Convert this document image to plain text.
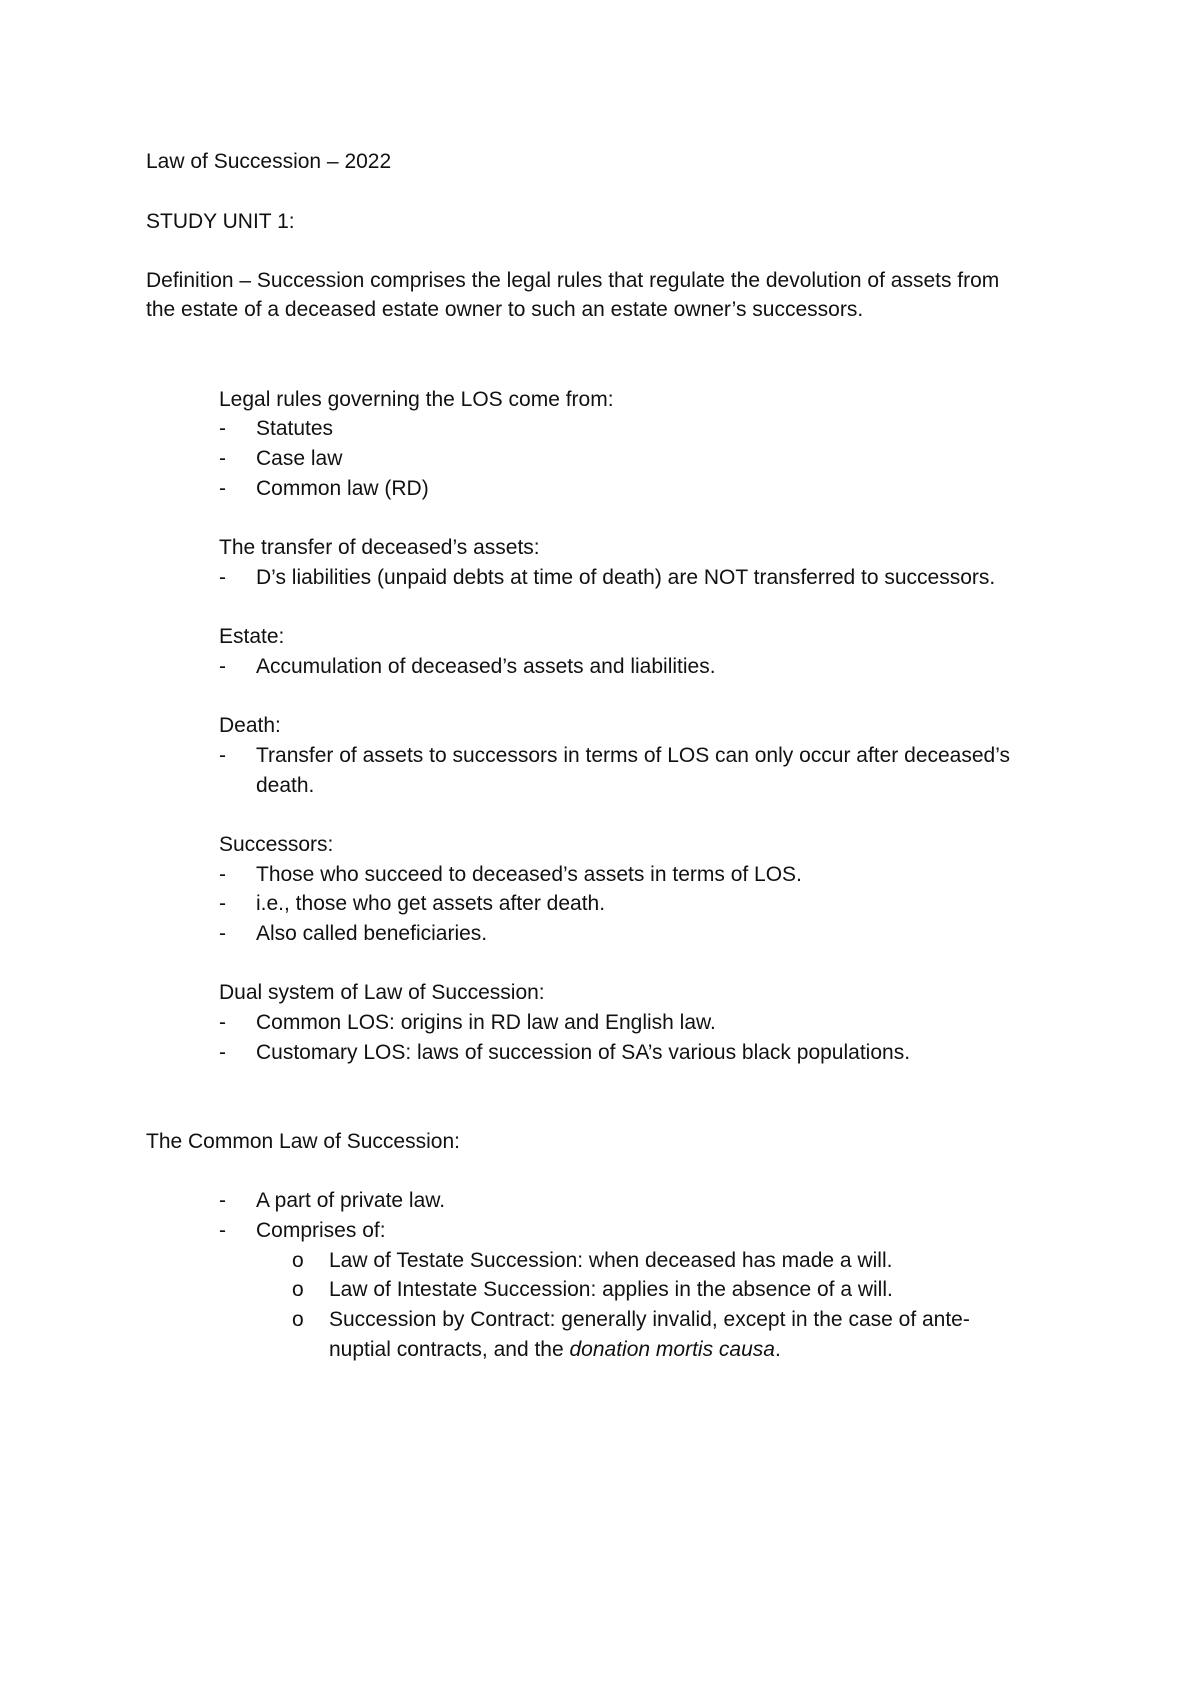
Law of Succession – 2022
STUDY UNIT 1:
Definition – Succession comprises the legal rules that regulate the devolution of assets from
the estate of a deceased estate owner to such an estate owner’s successors.
Legal rules governing the LOS come from:
-	Statutes
-	Case law
-	Common law (RD)
The transfer of deceased’s assets:
-	D’s liabilities (unpaid debts at time of death) are NOT transferred to successors.
Estate:
-	Accumulation of deceased’s assets and liabilities.
Death:
-	Transfer of assets to successors in terms of LOS can only occur after deceased’s
death.
Successors:
-	Those who succeed to deceased’s assets in terms of LOS.
-	i.e., those who get assets after death.
-	Also called beneficiaries.
Dual system of Law of Succession:
-	Common LOS: origins in RD law and English law.
-	Customary LOS: laws of succession of SA’s various black populations.
The Common Law of Succession:
-	A part of private law.
-	Comprises of:
o	Law of Testate Succession: when deceased has made a will.
o	Law of Intestate Succession: applies in the absence of a will.
o	Succession by Contract: generally invalid, except in the case of ante-
nuptial contracts, and the donation mortis causa.
